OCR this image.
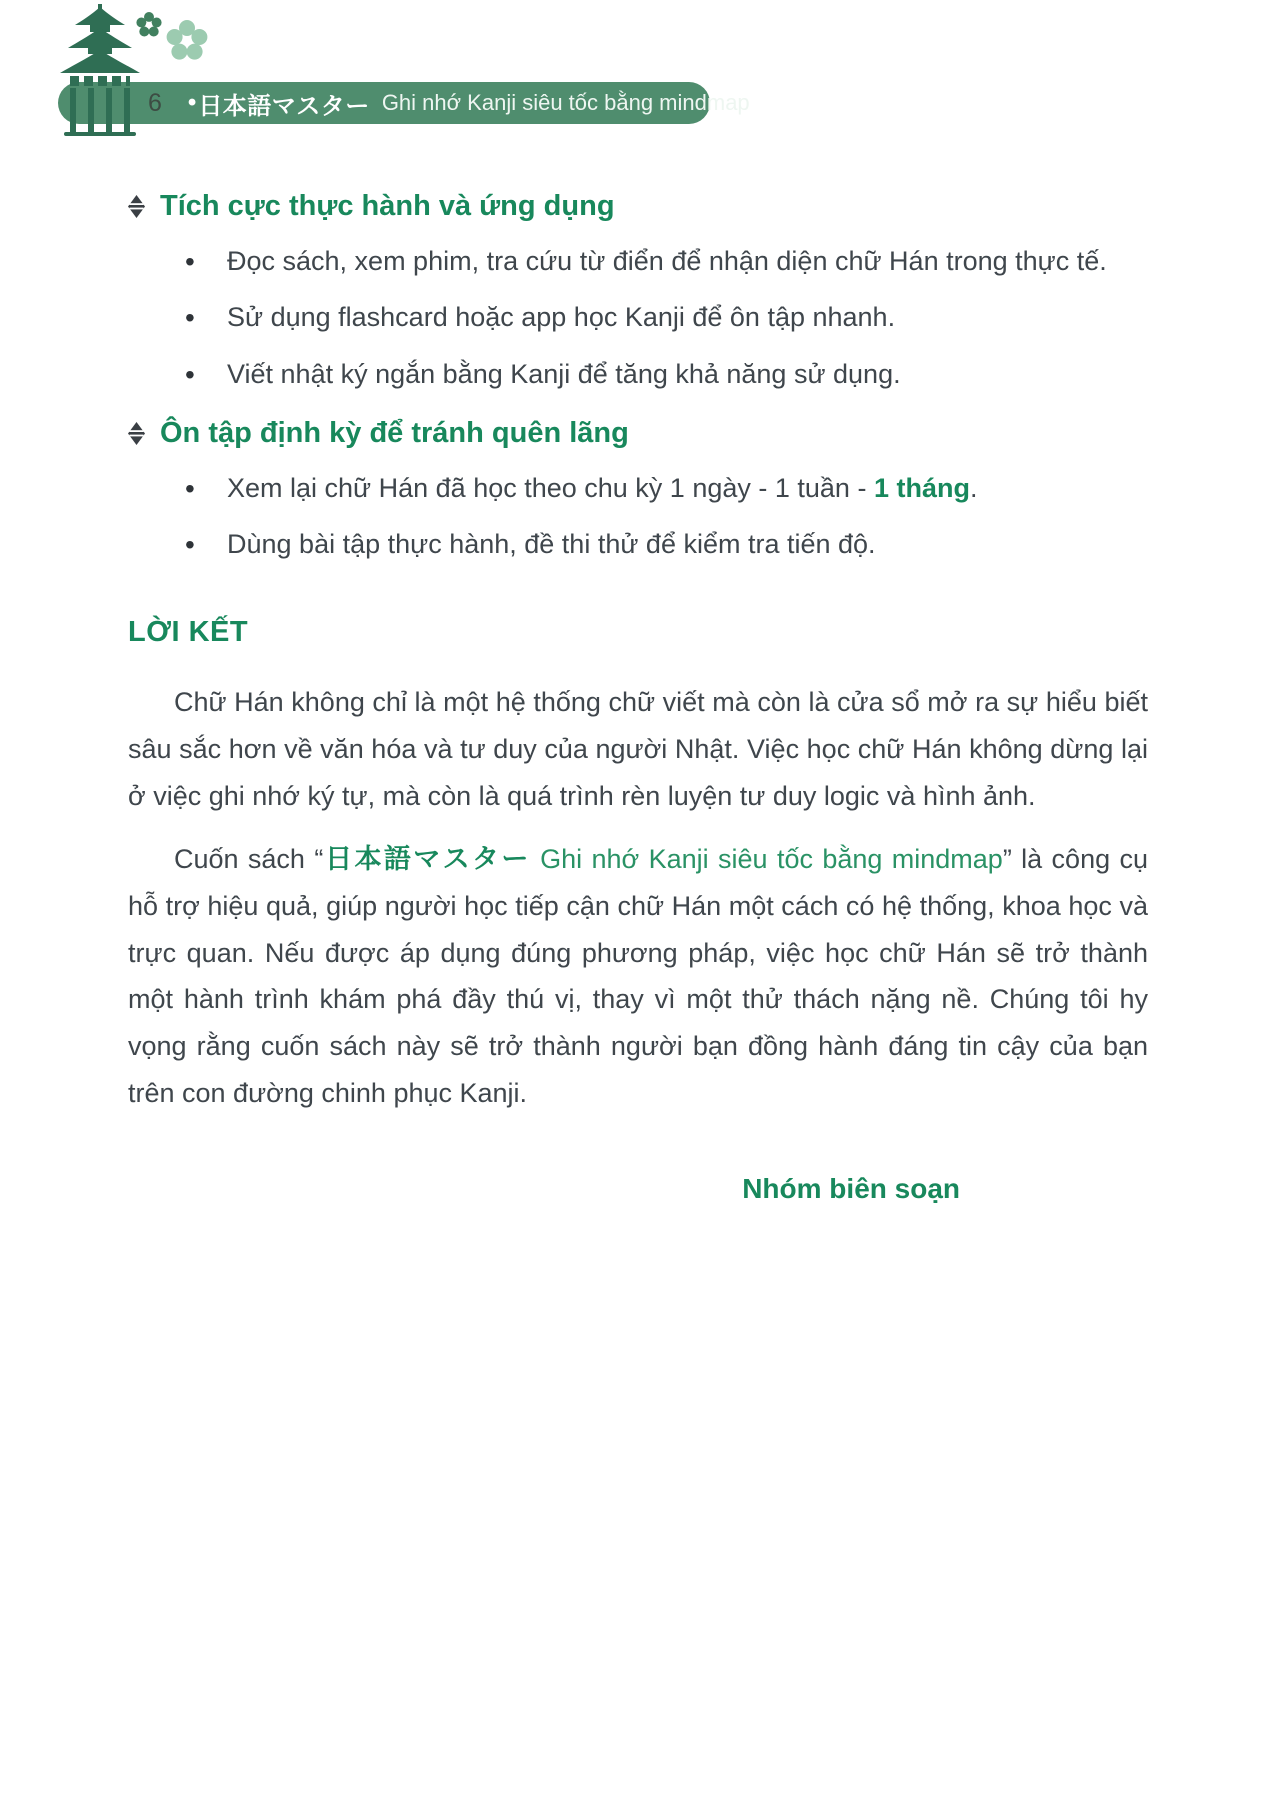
6 • 日本語マスター Ghi nhớ Kanji siêu tốc bằng mindmap
Tích cực thực hành và ứng dụng
•	Đọc sách, xem phim, tra cứu từ điển để nhận diện chữ Hán trong thực tế.
•	Sử dụng flashcard hoặc app học Kanji để ôn tập nhanh.
•	Viết nhật ký ngắn bằng Kanji để tăng khả năng sử dụng.
Ôn tập định kỳ để tránh quên lãng
•	Xem lại chữ Hán đã học theo chu kỳ 1 ngày - 1 tuần - 1 tháng.
•	Dùng bài tập thực hành, đề thi thử để kiểm tra tiến độ.
LỜI KẾT

Chữ Hán không chỉ là một hệ thống chữ viết mà còn là cửa sổ mở ra sự hiểu biết sâu sắc hơn về văn hóa và tư duy của người Nhật. Việc học chữ Hán không dừng lại ở việc ghi nhớ ký tự, mà còn là quá trình rèn luyện tư duy logic và hình ảnh.

Cuốn sách “日本語マスター Ghi nhớ Kanji siêu tốc bằng mindmap” là công cụ hỗ trợ hiệu quả, giúp người học tiếp cận chữ Hán một cách có hệ thống, khoa học và trực quan. Nếu được áp dụng đúng phương pháp, việc học chữ Hán sẽ trở thành một hành trình khám phá đầy thú vị, thay vì một thử thách nặng nề. Chúng tôi hy vọng rằng cuốn sách này sẽ trở thành người bạn đồng hành đáng tin cậy của bạn trên con đường chinh phục Kanji.

Nhóm biên soạn
